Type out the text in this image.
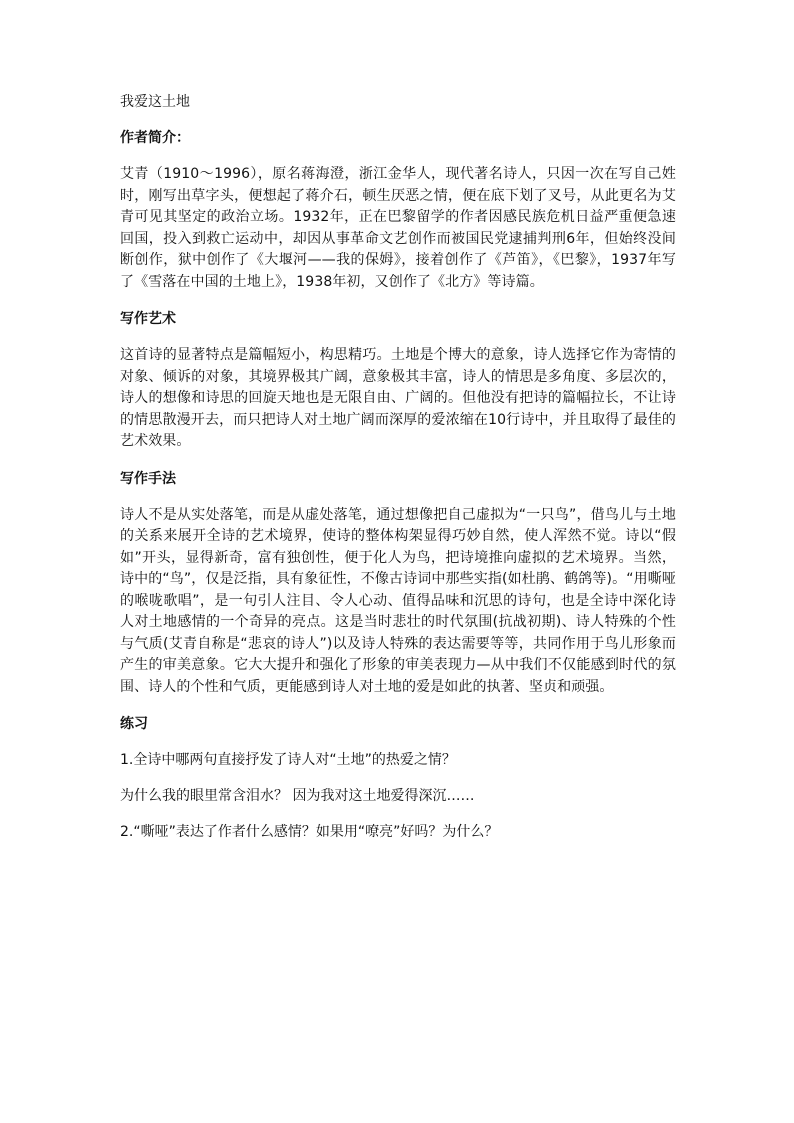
我爱这土地
作者简介：
艾青（1910～1996），原名蒋海澄，浙江金华人，现代著名诗人，只因一次在写自己姓时，刚写出草字头，便想起了蒋介石，顿生厌恶之情，便在底下划了叉号，从此更名为艾青可见其坚定的政治立场。1932年，正在巴黎留学的作者因感民族危机日益严重便急速回国，投入到救亡运动中，却因从事革命文艺创作而被国民党逮捕判刑6年，但始终没间断创作，狱中创作了《大堰河——我的保姆》，接着创作了《芦笛》，《巴黎》，1937年写了《雪落在中国的土地上》，1938年初，又创作了《北方》等诗篇。
写作艺术
这首诗的显著特点是篇幅短小，构思精巧。土地是个博大的意象，诗人选择它作为寄情的对象、倾诉的对象，其境界极其广阔，意象极其丰富，诗人的情思是多角度、多层次的，诗人的想像和诗思的回旋天地也是无限自由、广阔的。但他没有把诗的篇幅拉长，不让诗的情思散漫开去，而只把诗人对土地广阔而深厚的爱浓缩在10行诗中，并且取得了最佳的艺术效果。
写作手法
诗人不是从实处落笔，而是从虚处落笔，通过想像把自己虚拟为“一只鸟”，借鸟儿与土地的关系来展开全诗的艺术境界，使诗的整体构架显得巧妙自然，使人浑然不觉。诗以“假如”开头，显得新奇，富有独创性，便于化人为鸟，把诗境推向虚拟的艺术境界。当然，诗中的“鸟”，仅是泛指，具有象征性，不像古诗词中那些实指(如杜鹃、鹤鸽等)。“用嘶哑的喉咙歌唱”，是一句引人注目、令人心动、值得品味和沉思的诗句，也是全诗中深化诗人对土地感情的一个奇异的亮点。这是当时悲壮的时代氛围(抗战初期)、诗人特殊的个性与气质(艾青自称是“悲哀的诗人”)以及诗人特殊的表达需要等等，共同作用于鸟儿形象而产生的审美意象。它大大提升和强化了形象的审美表现力—从中我们不仅能感到时代的氛围、诗人的个性和气质，更能感到诗人对土地的爱是如此的执著、坚贞和顽强。
练习
1.全诗中哪两句直接抒发了诗人对“土地”的热爱之情？
为什么我的眼里常含泪水？ 因为我对这土地爱得深沉……
2.“嘶哑”表达了作者什么感情？如果用“嘹亮”好吗？为什么？
